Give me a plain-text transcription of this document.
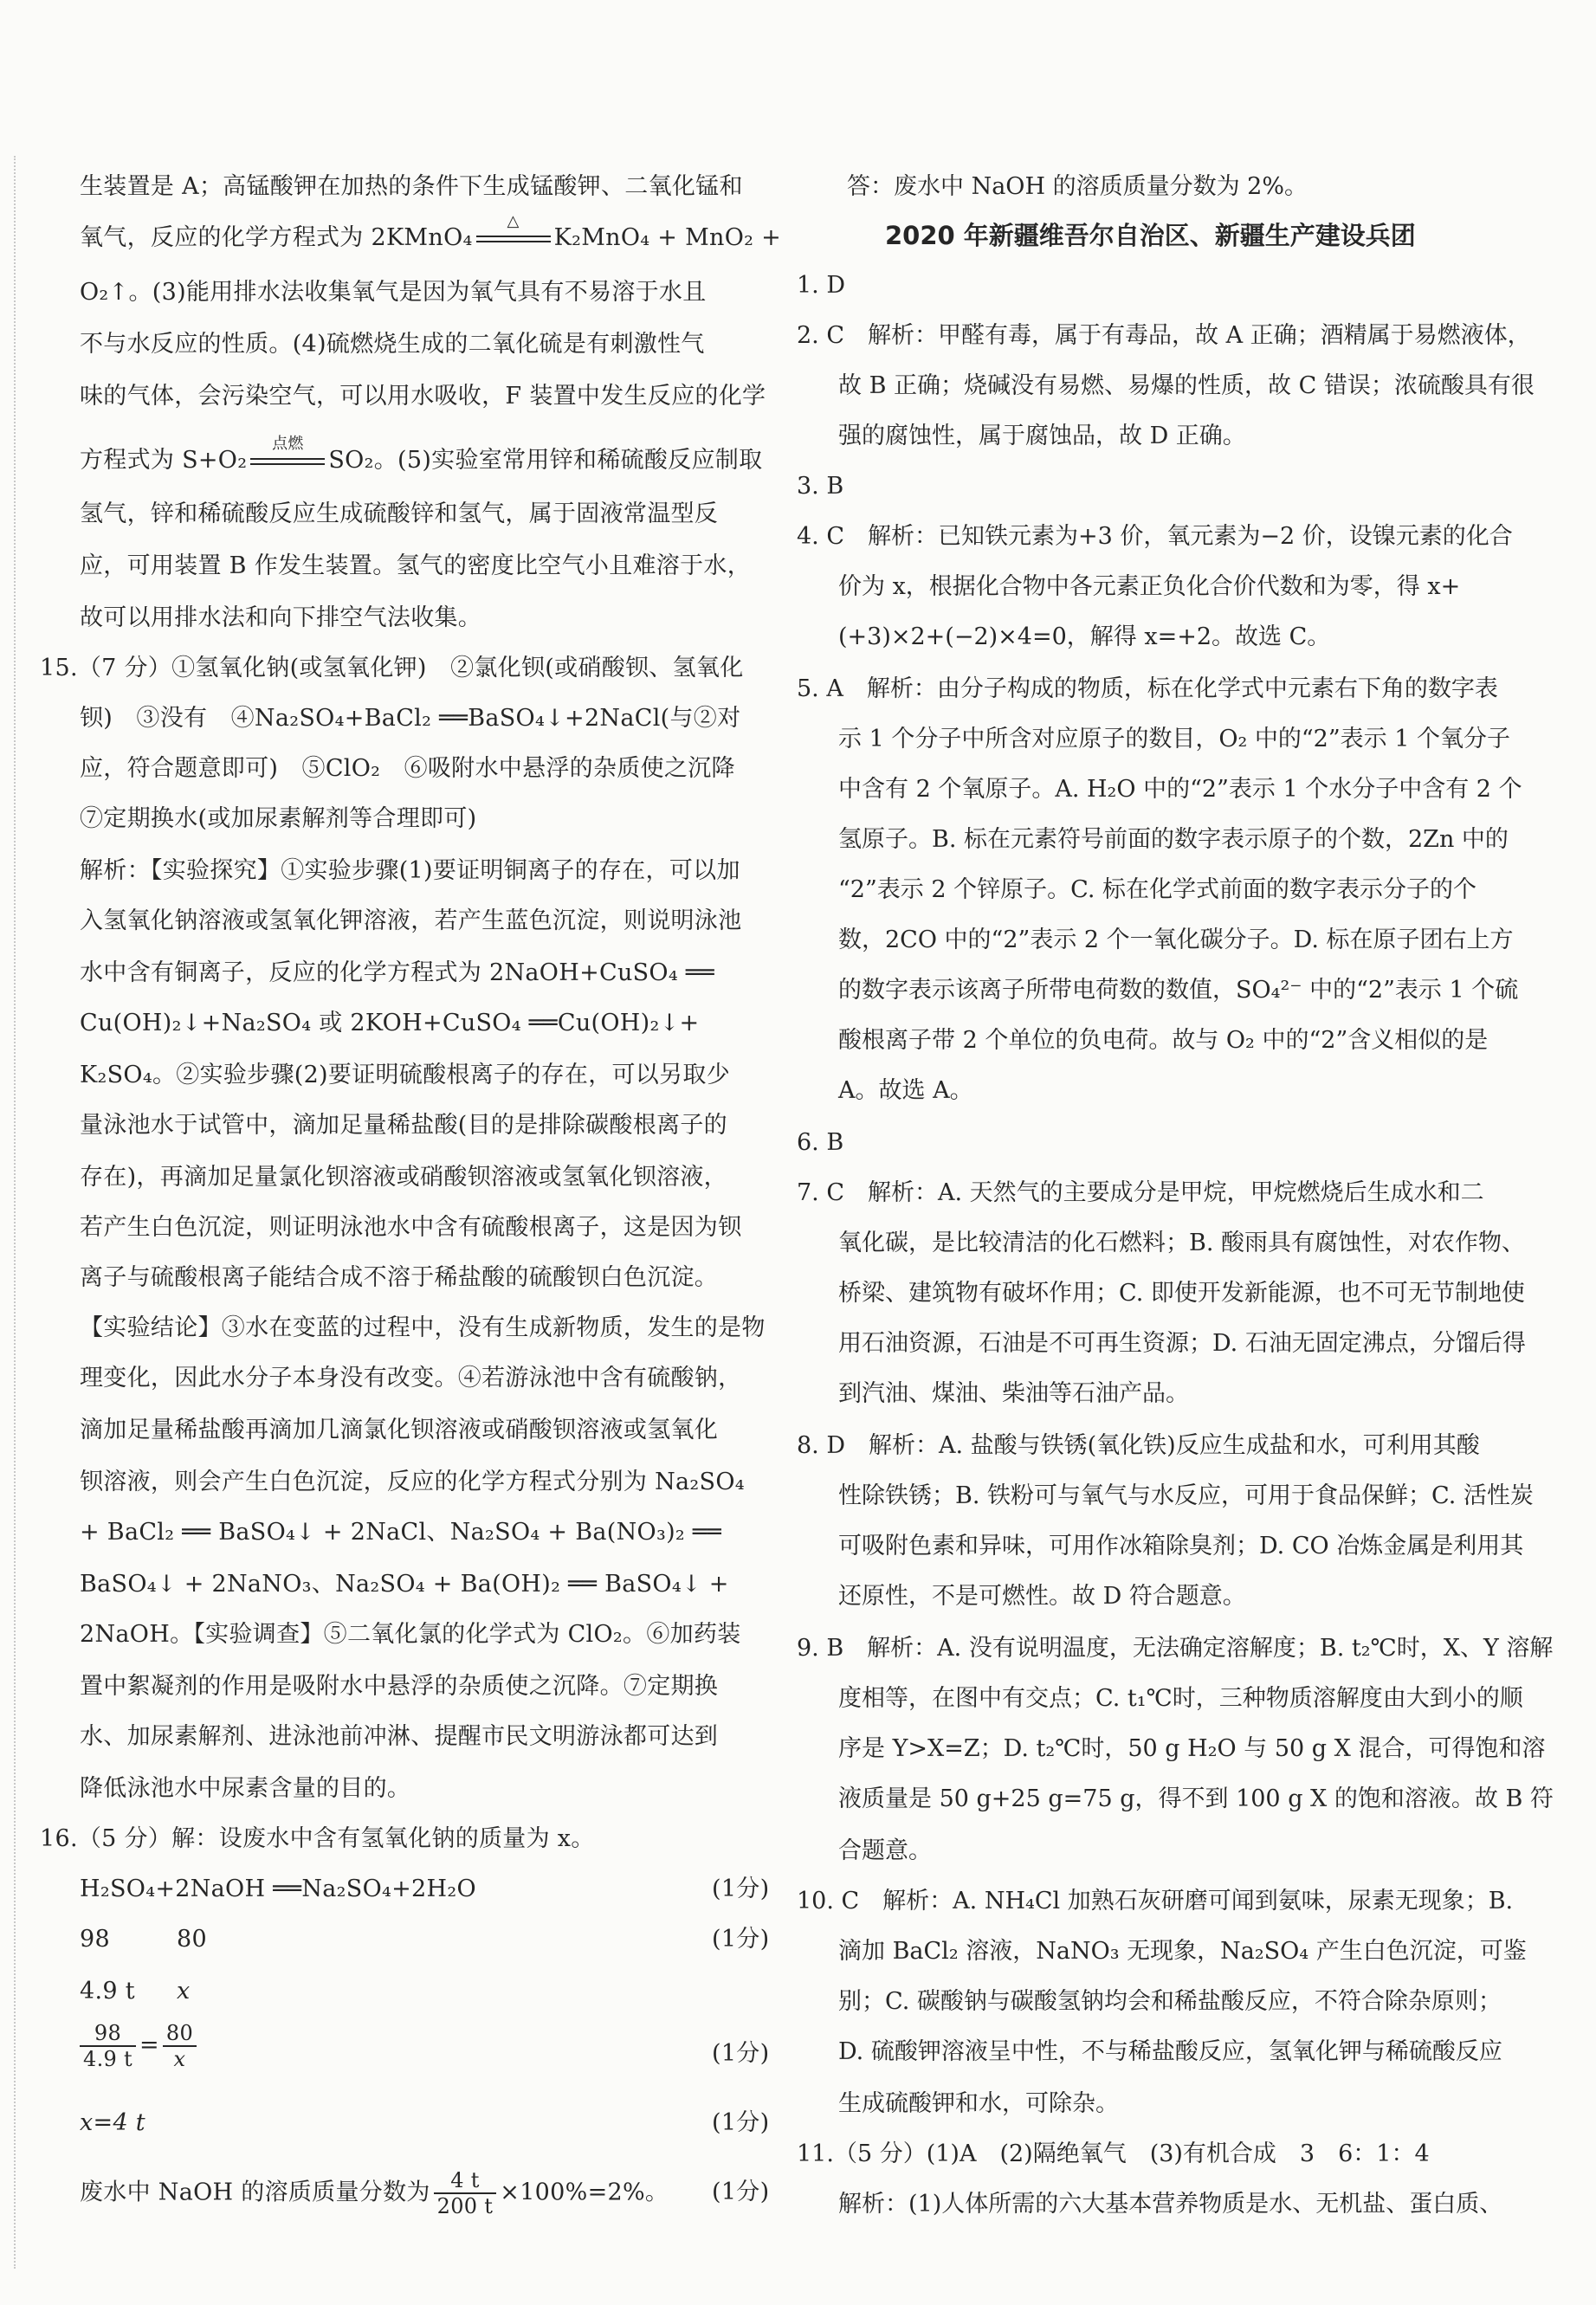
生装置是 A；高锰酸钾在加热的条件下生成锰酸钾、二氧化锰和
氧气，反应的化学方程式为 2KMnO₄
△
K₂MnO₄ + MnO₂ +
O₂↑。(3)能用排水法收集氧气是因为氧气具有不易溶于水且
不与水反应的性质。(4)硫燃烧生成的二氧化硫是有刺激性气
味的气体，会污染空气，可以用水吸收，F 装置中发生反应的化学
方程式为 S+O₂
点燃
SO₂。(5)实验室常用锌和稀硫酸反应制取
氢气，锌和稀硫酸反应生成硫酸锌和氢气，属于固液常温型反
应，可用装置 B 作发生装置。氢气的密度比空气小且难溶于水，
故可以用排水法和向下排空气法收集。
15.（7 分）①氢氧化钠(或氢氧化钾)　②氯化钡(或硝酸钡、氢氧化
钡)　③没有　④Na₂SO₄+BaCl₂ ══BaSO₄↓+2NaCl(与②对
应，符合题意即可)　⑤ClO₂　⑥吸附水中悬浮的杂质使之沉降
⑦定期换水(或加尿素解剂等合理即可)
解析：【实验探究】①实验步骤(1)要证明铜离子的存在，可以加
入氢氧化钠溶液或氢氧化钾溶液，若产生蓝色沉淀，则说明泳池
水中含有铜离子，反应的化学方程式为 2NaOH+CuSO₄ ══
Cu(OH)₂↓+Na₂SO₄ 或 2KOH+CuSO₄ ══Cu(OH)₂↓+
K₂SO₄。②实验步骤(2)要证明硫酸根离子的存在，可以另取少
量泳池水于试管中，滴加足量稀盐酸(目的是排除碳酸根离子的
存在)，再滴加足量氯化钡溶液或硝酸钡溶液或氢氧化钡溶液，
若产生白色沉淀，则证明泳池水中含有硫酸根离子，这是因为钡
离子与硫酸根离子能结合成不溶于稀盐酸的硫酸钡白色沉淀。
【实验结论】③水在变蓝的过程中，没有生成新物质，发生的是物
理变化，因此水分子本身没有改变。④若游泳池中含有硫酸钠，
滴加足量稀盐酸再滴加几滴氯化钡溶液或硝酸钡溶液或氢氧化
钡溶液，则会产生白色沉淀，反应的化学方程式分别为 Na₂SO₄
+ BaCl₂ ══ BaSO₄↓ + 2NaCl、Na₂SO₄ + Ba(NO₃)₂ ══
BaSO₄↓ + 2NaNO₃、Na₂SO₄ + Ba(OH)₂ ══ BaSO₄↓ +
2NaOH。【实验调查】⑤二氧化氯的化学式为 ClO₂。⑥加药装
置中絮凝剂的作用是吸附水中悬浮的杂质使之沉降。⑦定期换
水、加尿素解剂、进泳池前冲淋、提醒市民文明游泳都可达到
降低泳池水中尿素含量的目的。
16.（5 分）解：设废水中含有氢氧化钠的质量为 x。
H₂SO₄+2NaOH ══Na₂SO₄+2H₂O	(1分)
98	80	(1分)
4.9 t x
$\frac{98}{4.9 t} = \frac{80}{x}$	(1分)
x=4 t	(1分)
废水中 NaOH 的溶质质量分数为 $\frac{4 t}{200 t} \times 100\%=2\%$。 (1分)
答：废水中 NaOH 的溶质质量分数为 2%。
2020 年新疆维吾尔自治区、新疆生产建设兵团
1. D
2. C　解析：甲醛有毒，属于有毒品，故 A 正确；酒精属于易燃液体，
故 B 正确；烧碱没有易燃、易爆的性质，故 C 错误；浓硫酸具有很
强的腐蚀性，属于腐蚀品，故 D 正确。
3. B
4. C　解析：已知铁元素为+3 价，氧元素为−2 价，设镍元素的化合
价为 x，根据化合物中各元素正负化合价代数和为零，得 x+
(+3)×2+(−2)×4=0，解得 x=+2。故选 C。
5. A　解析：由分子构成的物质，标在化学式中元素右下角的数字表
示 1 个分子中所含对应原子的数目，O₂ 中的“2”表示 1 个氧分子
中含有 2 个氧原子。A. H₂O 中的“2”表示 1 个水分子中含有 2 个
氢原子。B. 标在元素符号前面的数字表示原子的个数，2Zn 中的
“2”表示 2 个锌原子。C. 标在化学式前面的数字表示分子的个
数，2CO 中的“2”表示 2 个一氧化碳分子。D. 标在原子团右上方
的数字表示该离子所带电荷数的数值，SO₄²⁻ 中的“2”表示 1 个硫
酸根离子带 2 个单位的负电荷。故与 O₂ 中的“2”含义相似的是
A。故选 A。
6. B
7. C　解析：A. 天然气的主要成分是甲烷，甲烷燃烧后生成水和二
氧化碳，是比较清洁的化石燃料；B. 酸雨具有腐蚀性，对农作物、
桥梁、建筑物有破坏作用；C. 即使开发新能源，也不可无节制地使
用石油资源，石油是不可再生资源；D. 石油无固定沸点，分馏后得
到汽油、煤油、柴油等石油产品。
8. D　解析：A. 盐酸与铁锈(氧化铁)反应生成盐和水，可利用其酸
性除铁锈；B. 铁粉可与氧气与水反应，可用于食品保鲜；C. 活性炭
可吸附色素和异味，可用作冰箱除臭剂；D. CO 冶炼金属是利用其
还原性，不是可燃性。故 D 符合题意。
9. B　解析：A. 没有说明温度，无法确定溶解度；B. t₂℃时，X、Y 溶解
度相等，在图中有交点；C. t₁℃时，三种物质溶解度由大到小的顺
序是 Y>X=Z；D. t₂℃时，50 g H₂O 与 50 g X 混合，可得饱和溶
液质量是 50 g+25 g=75 g，得不到 100 g X 的饱和溶液。故 B 符
合题意。
10. C　解析：A. NH₄Cl 加熟石灰研磨可闻到氨味，尿素无现象；B.
滴加 BaCl₂ 溶液，NaNO₃ 无现象，Na₂SO₄ 产生白色沉淀，可鉴
别；C. 碳酸钠与碳酸氢钠均会和稀盐酸反应，不符合除杂原则；
D. 硫酸钾溶液呈中性，不与稀盐酸反应，氢氧化钾与稀硫酸反应
生成硫酸钾和水，可除杂。
11.（5 分）(1)A　(2)隔绝氧气　(3)有机合成　3　6：1：4
解析：(1)人体所需的六大基本营养物质是水、无机盐、蛋白质、
